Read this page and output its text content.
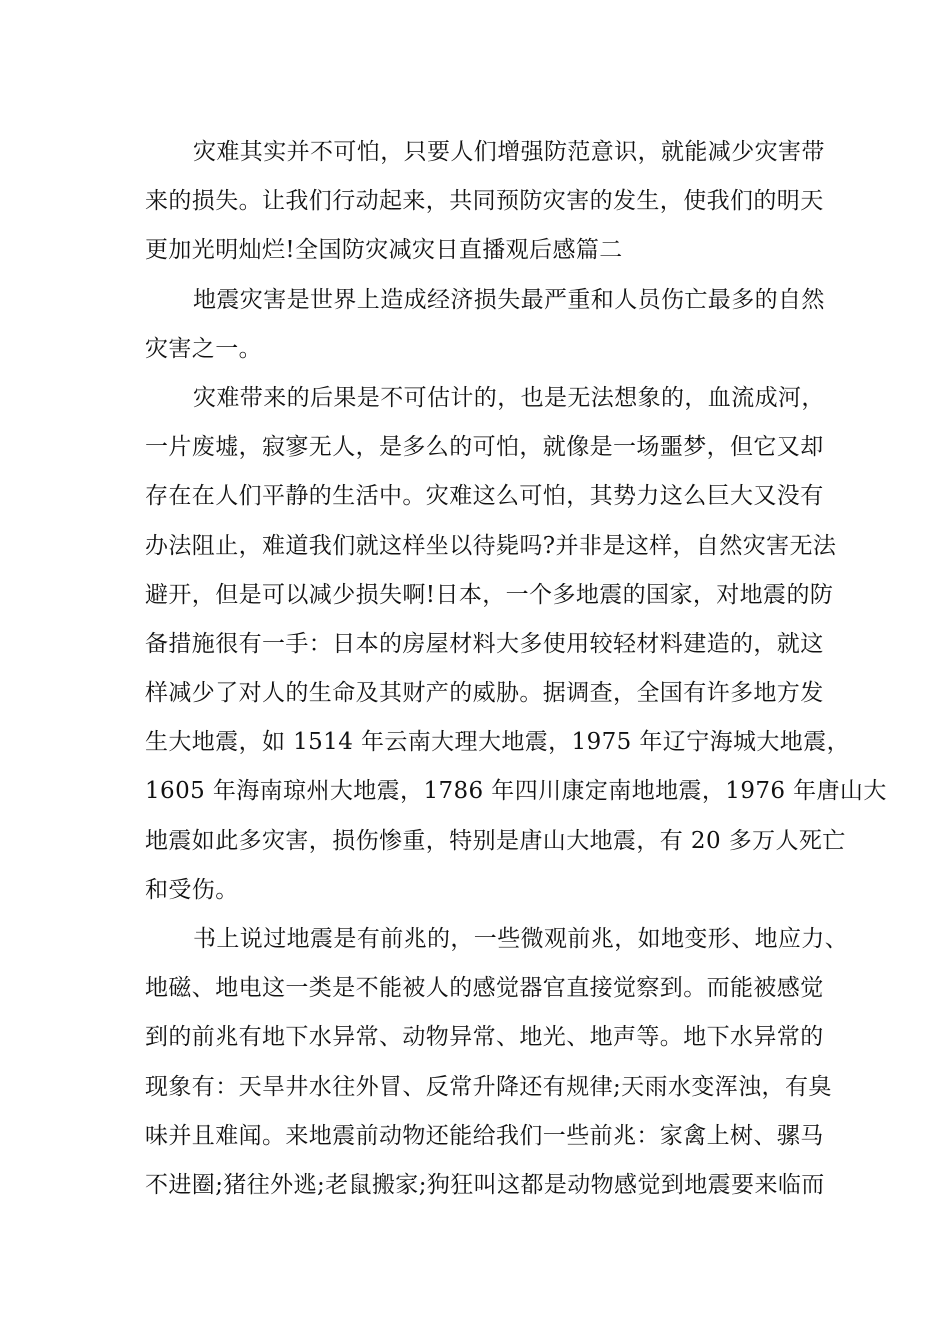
灾难其实并不可怕，只要人们增强防范意识，就能减少灾害带
来的损失。让我们行动起来，共同预防灾害的发生，使我们的明天
更加光明灿烂!全国防灾减灾日直播观后感篇二
地震灾害是世界上造成经济损失最严重和人员伤亡最多的自然
灾害之一。
灾难带来的后果是不可估计的，也是无法想象的，血流成河，
一片废墟，寂寥无人，是多么的可怕，就像是一场噩梦，但它又却
存在在人们平静的生活中。灾难这么可怕，其势力这么巨大又没有
办法阻止，难道我们就这样坐以待毙吗?并非是这样，自然灾害无法
避开，但是可以减少损失啊!日本，一个多地震的国家，对地震的防
备措施很有一手：日本的房屋材料大多使用较轻材料建造的，就这
样减少了对人的生命及其财产的威胁。据调查，全国有许多地方发
生大地震，如 1514 年云南大理大地震，1975 年辽宁海城大地震，
1605 年海南琼州大地震，1786 年四川康定南地地震，1976 年唐山大
地震如此多灾害，损伤惨重，特别是唐山大地震，有 20 多万人死亡
和受伤。
书上说过地震是有前兆的，一些微观前兆，如地变形、地应力、
地磁、地电这一类是不能被人的感觉器官直接觉察到。而能被感觉
到的前兆有地下水异常、动物异常、地光、地声等。地下水异常的
现象有：天旱井水往外冒、反常升降还有规律;天雨水变浑浊，有臭
味并且难闻。来地震前动物还能给我们一些前兆：家禽上树、骡马
不进圈;猪往外逃;老鼠搬家;狗狂叫这都是动物感觉到地震要来临而
